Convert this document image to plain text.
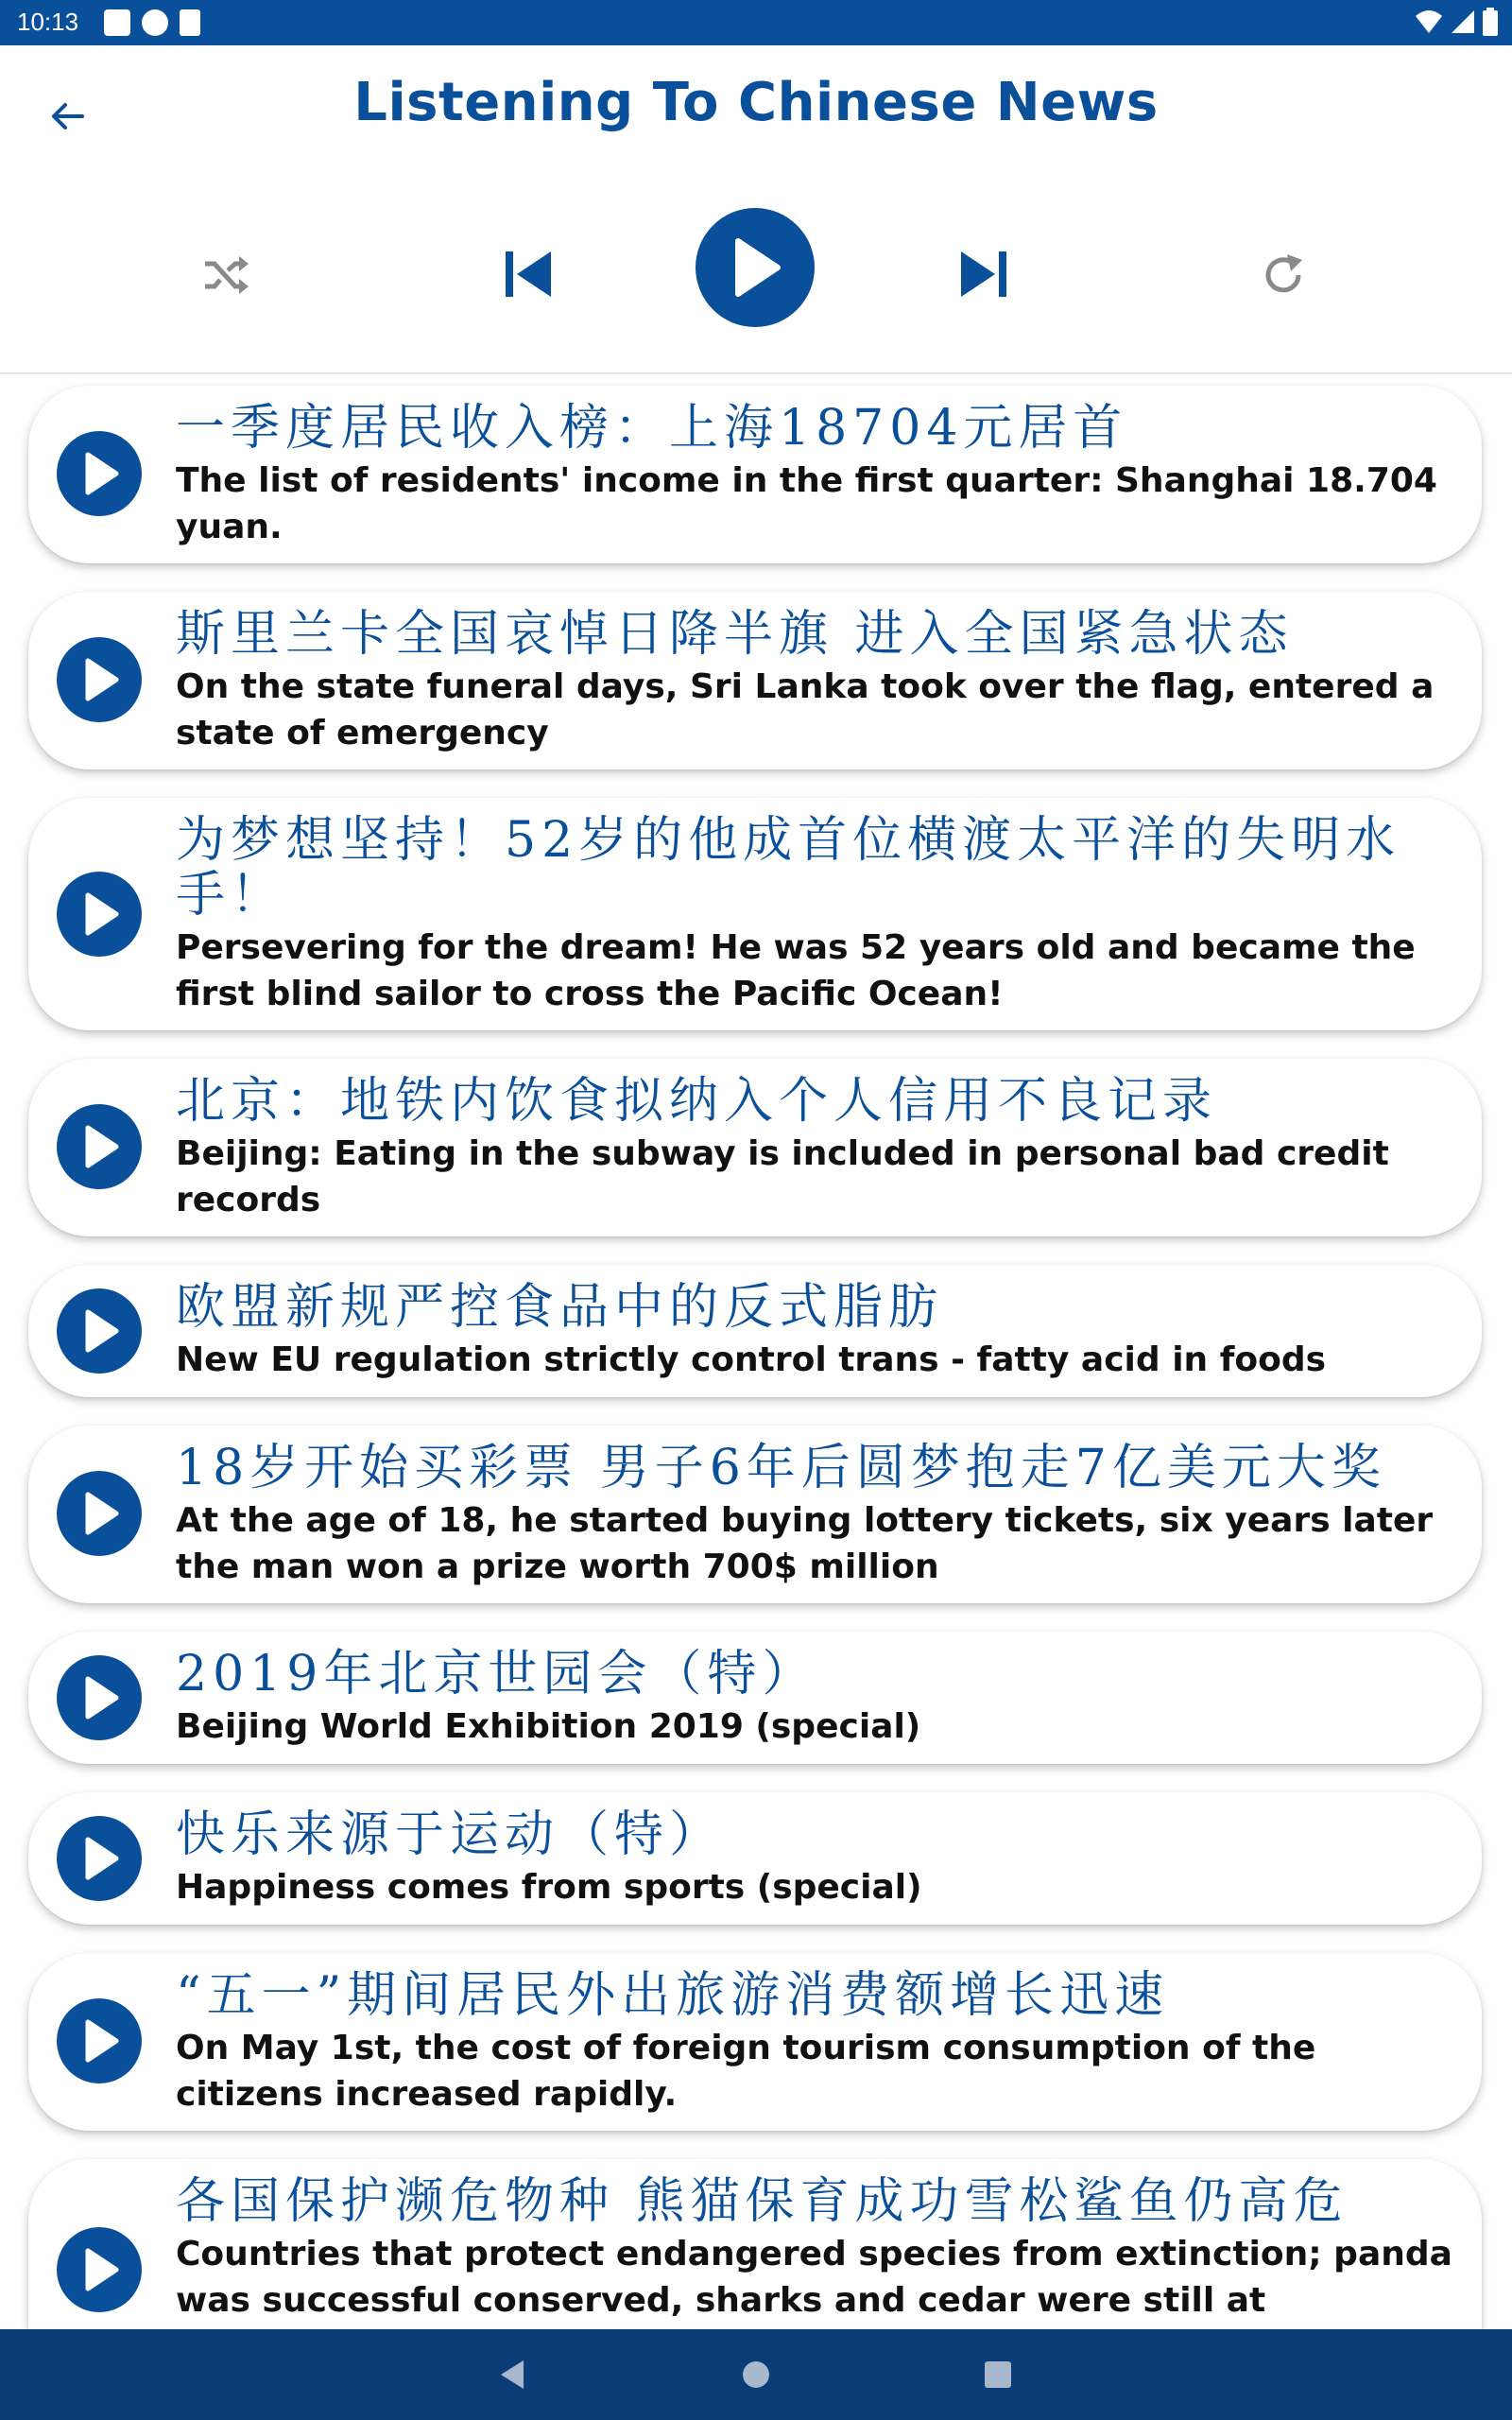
10:13
Listening To Chinese News
一季度居民收入榜：上海18704元居首
The list of residents' income in the first quarter: Shanghai 18.704 yuan.
斯里兰卡全国哀悼日降半旗 进入全国紧急状态
On the state funeral days, Sri Lanka took over the flag, entered a state of emergency
为梦想坚持！52岁的他成首位横渡太平洋的失明水手！
Persevering for the dream! He was 52 years old and became the first blind sailor to cross the Pacific Ocean!
北京：地铁内饮食拟纳入个人信用不良记录
Beijing: Eating in the subway is included in personal bad credit records
欧盟新规严控食品中的反式脂肪
New EU regulation strictly control trans - fatty acid in foods
18岁开始买彩票 男子6年后圆梦抱走7亿美元大奖
At the age of 18, he started buying lottery tickets, six years later the man won a prize worth 700$ million
2019年北京世园会（特）
Beijing World Exhibition 2019 (special)
快乐来源于运动（特）
Happiness comes from sports (special)
“五一”期间居民外出旅游消费额增长迅速
On May 1st, the cost of foreign tourism consumption of the citizens increased rapidly.
各国保护濒危物种 熊猫保育成功雪松鲨鱼仍高危
Countries that protect endangered species from extinction; panda was successful conserved, sharks and cedar were still at
